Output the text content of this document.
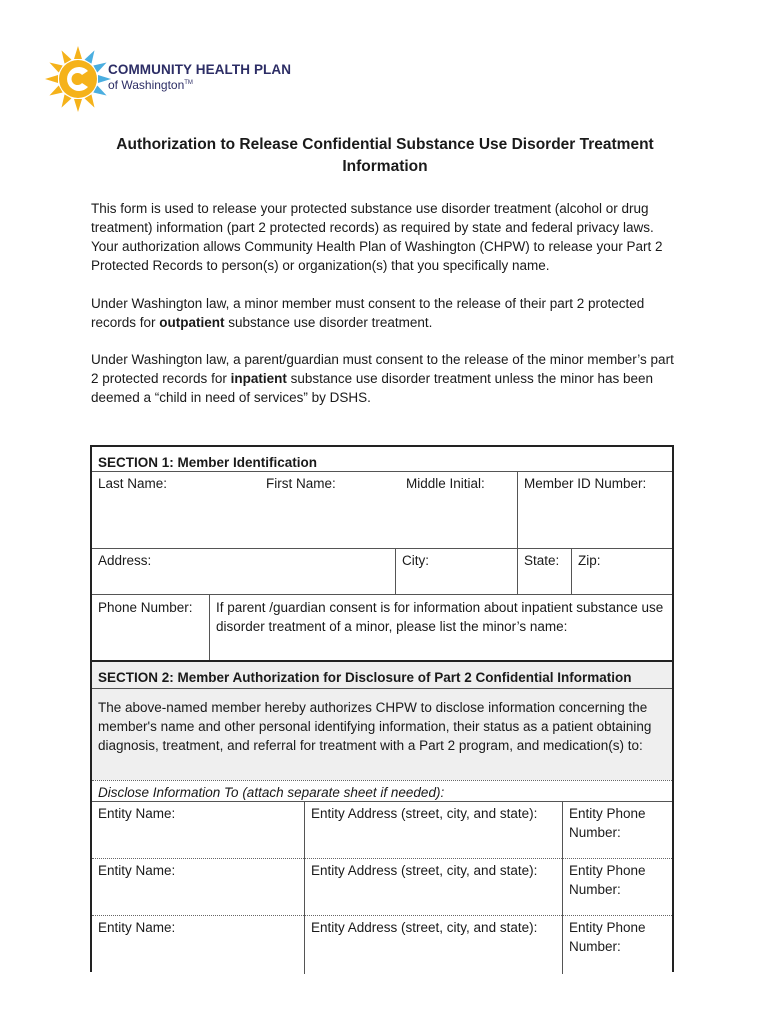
COMMUNITY HEALTH PLAN
of Washington™
Authorization to Release Confidential Substance Use Disorder Treatment Information

This form is used to release your protected substance use disorder treatment (alcohol or drug treatment) information (part 2 protected records) as required by state and federal privacy laws. Your authorization allows Community Health Plan of Washington (CHPW) to release your Part 2 Protected Records to person(s) or organization(s) that you specifically name.

Under Washington law, a minor member must consent to the release of their part 2 protected records for outpatient substance use disorder treatment.

Under Washington law, a parent/guardian must consent to the release of the minor member’s part 2 protected records for inpatient substance use disorder treatment unless the minor has been deemed a “child in need of services” by DSHS.

SECTION 1: Member Identification
Last Name:	First Name:	Middle Initial:	Member ID Number:
Address:	City:	State:	Zip:
Phone Number:	If parent /guardian consent is for information about inpatient substance use disorder treatment of a minor, please list the minor’s name:
SECTION 2: Member Authorization for Disclosure of Part 2 Confidential Information
The above-named member hereby authorizes CHPW to disclose information concerning the member's name and other personal identifying information, their status as a patient obtaining diagnosis, treatment, and referral for treatment with a Part 2 program, and medication(s) to:
Disclose Information To (attach separate sheet if needed):
Entity Name:	Entity Address (street, city, and state):	Entity Phone Number:
Entity Name:	Entity Address (street, city, and state):	Entity Phone Number:
Entity Name:	Entity Address (street, city, and state):	Entity Phone Number:
